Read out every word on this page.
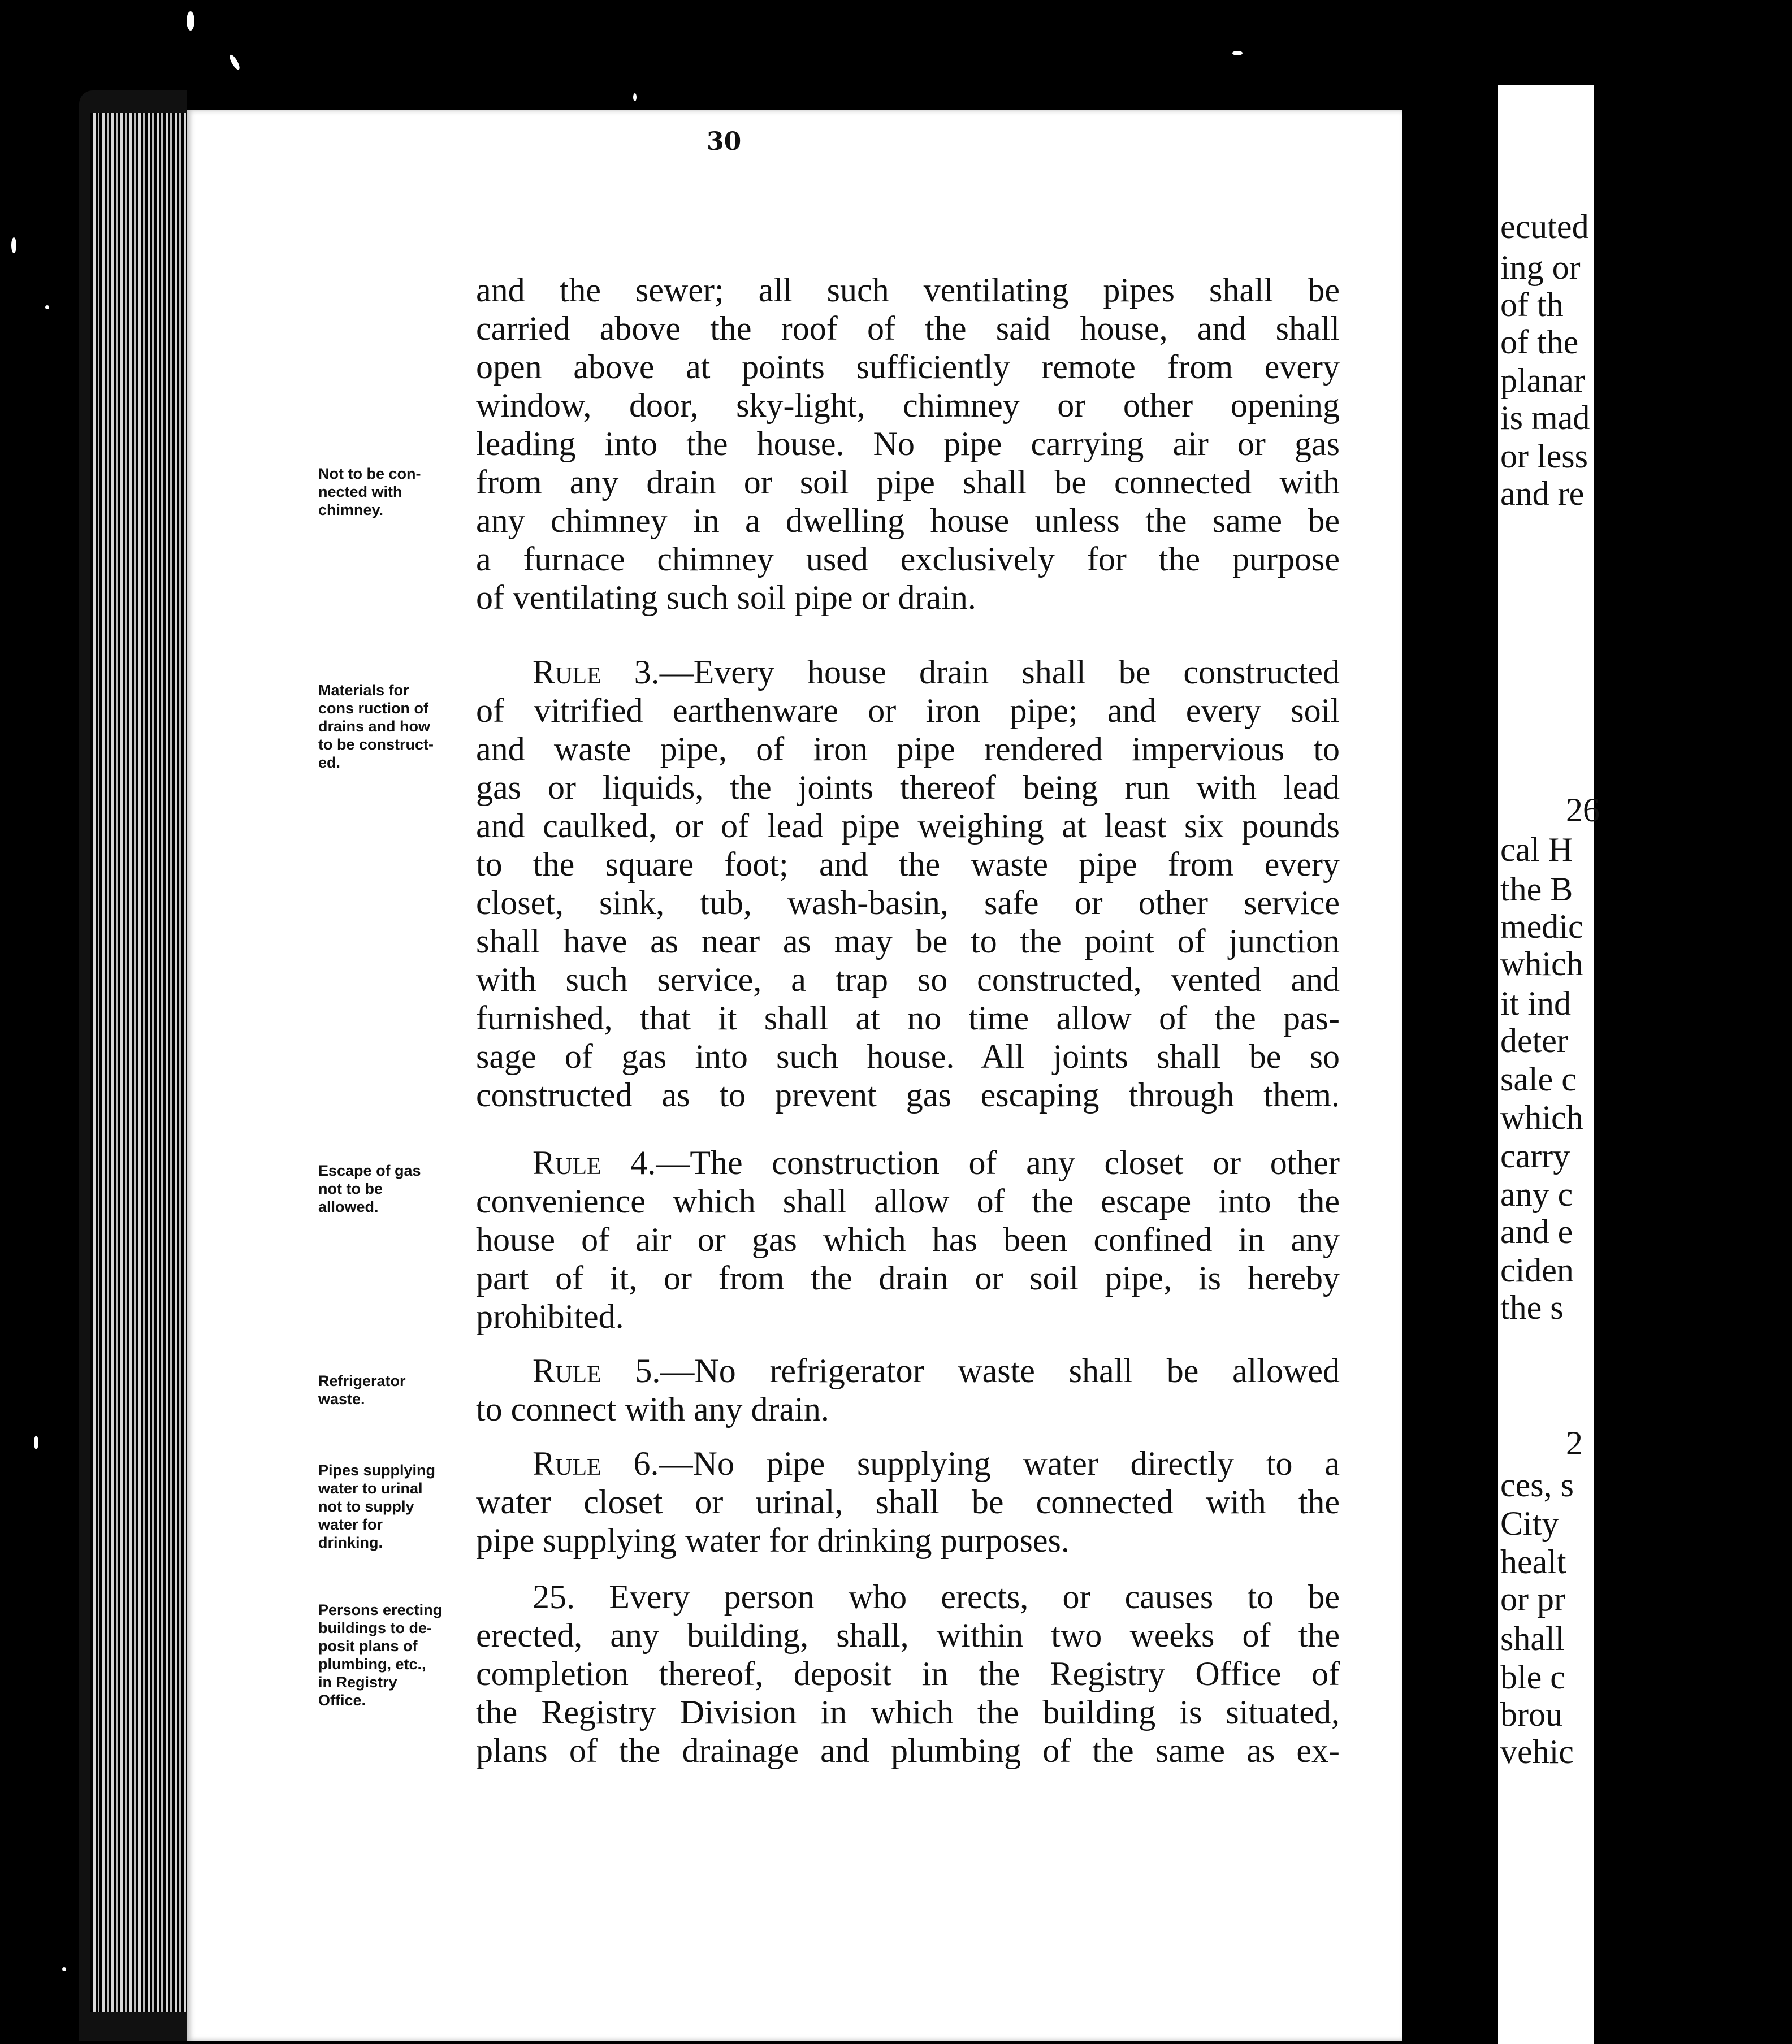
ecuted
ing or
of th
of the
planar
is mad
or less
and re
26
cal H
the B
medic
which
it ind
deter
sale c
which
carry
any c
and e
ciden
the s
2
ces, s
City
healt
or pr
shall
ble c
brou
vehic
30
and the sewer; all such ventilating pipes shall be
carried above the roof of the said house, and shall
open above at points sufficiently remote from every
window, door, sky-light, chimney or other opening
leading into the house. No pipe carrying air or gas
from any drain or soil pipe shall be connected with
any chimney in a dwelling house unless the same be
a furnace chimney used exclusively for the purpose
of ventilating such soil pipe or drain.
Rule 3.—Every house drain shall be constructed
of vitrified earthenware or iron pipe; and every soil
and waste pipe, of iron pipe rendered impervious to
gas or liquids, the joints thereof being run with lead
and caulked, or of lead pipe weighing at least six pounds
to the square foot; and the waste pipe from every
closet, sink, tub, wash-basin, safe or other service
shall have as near as may be to the point of junction
with such service, a trap so constructed, vented and
furnished, that it shall at no time allow of the pas-
sage of gas into such house. All joints shall be so
constructed as to prevent gas escaping through them.
Rule 4.—The construction of any closet or other
convenience which shall allow of the escape into the
house of air or gas which has been confined in any
part of it, or from the drain or soil pipe, is hereby
prohibited.
Rule 5.—No refrigerator waste shall be allowed
to connect with any drain.
Rule 6.—No pipe supplying water directly to a
water closet or urinal, shall be connected with the
pipe supplying water for drinking purposes.
25. Every person who erects, or causes to be
erected, any building, shall, within two weeks of the
completion thereof, deposit in the Registry Office of
the Registry Division in which the building is situated,
plans of the drainage and plumbing of the same as ex-
Not to be con-
nected with
chimney.
Materials for
cons ruction of
drains and how
to be construct-
ed.
Escape of gas
not to be
allowed.
Refrigerator
waste.
Pipes supplying
water to urinal
not to supply
water for
drinking.
Persons erecting
buildings to de-
posit plans of
plumbing, etc.,
in Registry
Office.
